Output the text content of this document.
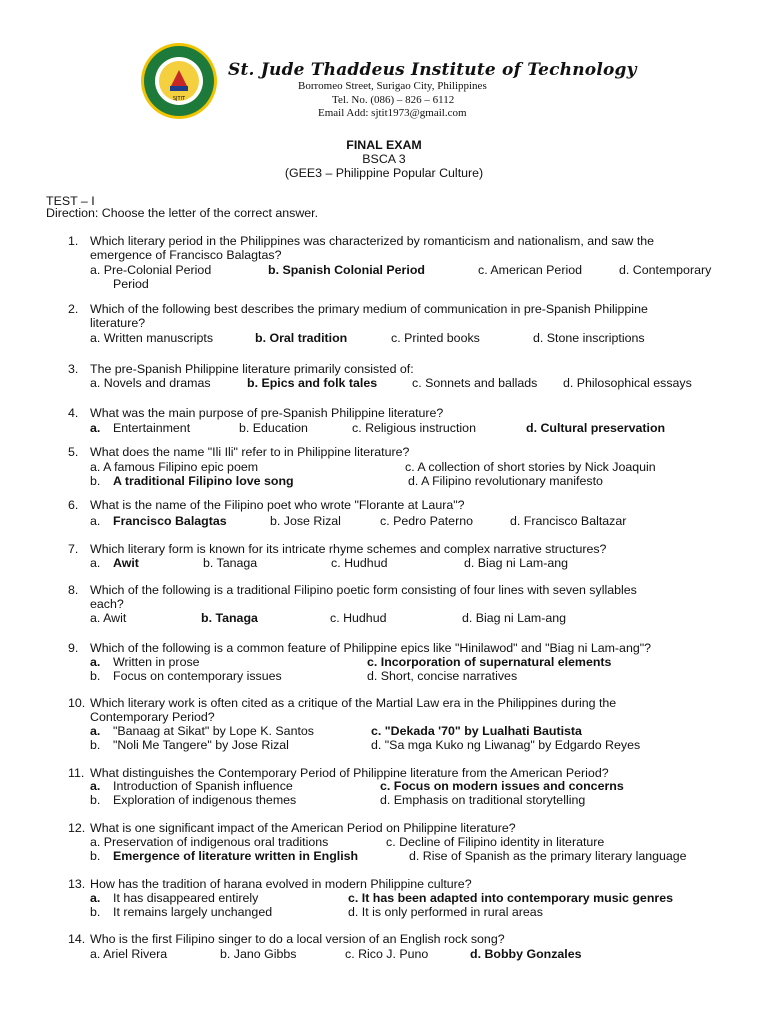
SJTIT
St. Jude Thaddeus Institute of Technology
Borromeo Street, Surigao City, Philippines
Tel. No. (086) – 826 – 6112
Email Add: sjtit1973@gmail.com
FINAL EXAM
BSCA 3
(GEE3 – Philippine Popular Culture)
TEST – I
Direction: Choose the letter of the correct answer.
1. Which literary period in the Philippines was characterized by romanticism and nationalism, and saw the
emergence of Francisco Balagtas?
a. Pre-Colonial Period	b. Spanish Colonial Period	c. American Period	d. Contemporary
Period
2. Which of the following best describes the primary medium of communication in pre-Spanish Philippine
literature?
a. Written manuscripts	b. Oral tradition	c. Printed books	d. Stone inscriptions
3. The pre-Spanish Philippine literature primarily consisted of:
a. Novels and dramas	b. Epics and folk tales	c. Sonnets and ballads d. Philosophical essays
4. What was the main purpose of pre-Spanish Philippine literature?
a. Entertainment	b. Education	c. Religious instruction	d. Cultural preservation
5. What does the name "Ili Ili" refer to in Philippine literature?
a. A famous Filipino epic poem	c. A collection of short stories by Nick Joaquin
b. A traditional Filipino love song	d. A Filipino revolutionary manifesto
6. What is the name of the Filipino poet who wrote "Florante at Laura"?
a. Francisco Balagtas	b. Jose Rizal	c. Pedro Paterno	d. Francisco Baltazar
7. Which literary form is known for its intricate rhyme schemes and complex narrative structures?
a. Awit	b. Tanaga	c. Hudhud	d. Biag ni Lam-ang
8. Which of the following is a traditional Filipino poetic form consisting of four lines with seven syllables
each?
a. Awit	b. Tanaga	c. Hudhud	d. Biag ni Lam-ang
9. Which of the following is a common feature of Philippine epics like "Hinilawod" and "Biag ni Lam-ang"?
a. Written in prose	c. Incorporation of supernatural elements
b. Focus on contemporary issues	d. Short, concise narratives
10. Which literary work is often cited as a critique of the Martial Law era in the Philippines during the
Contemporary Period?
a. "Banaag at Sikat" by Lope K. Santos	c. "Dekada '70" by Lualhati Bautista
b. "Noli Me Tangere" by Jose Rizal	d. "Sa mga Kuko ng Liwanag" by Edgardo Reyes
11. What distinguishes the Contemporary Period of Philippine literature from the American Period?
a. Introduction of Spanish influence	c. Focus on modern issues and concerns
b. Exploration of indigenous themes	d. Emphasis on traditional storytelling
12. What is one significant impact of the American Period on Philippine literature?
a. Preservation of indigenous oral traditions	c. Decline of Filipino identity in literature
b. Emergence of literature written in English	d. Rise of Spanish as the primary literary language
13. How has the tradition of harana evolved in modern Philippine culture?
a. It has disappeared entirely	c. It has been adapted into contemporary music genres
b. It remains largely unchanged	d. It is only performed in rural areas
14. Who is the first Filipino singer to do a local version of an English rock song?
a. Ariel Rivera	b. Jano Gibbs	c. Rico J. Puno	d. Bobby Gonzales
